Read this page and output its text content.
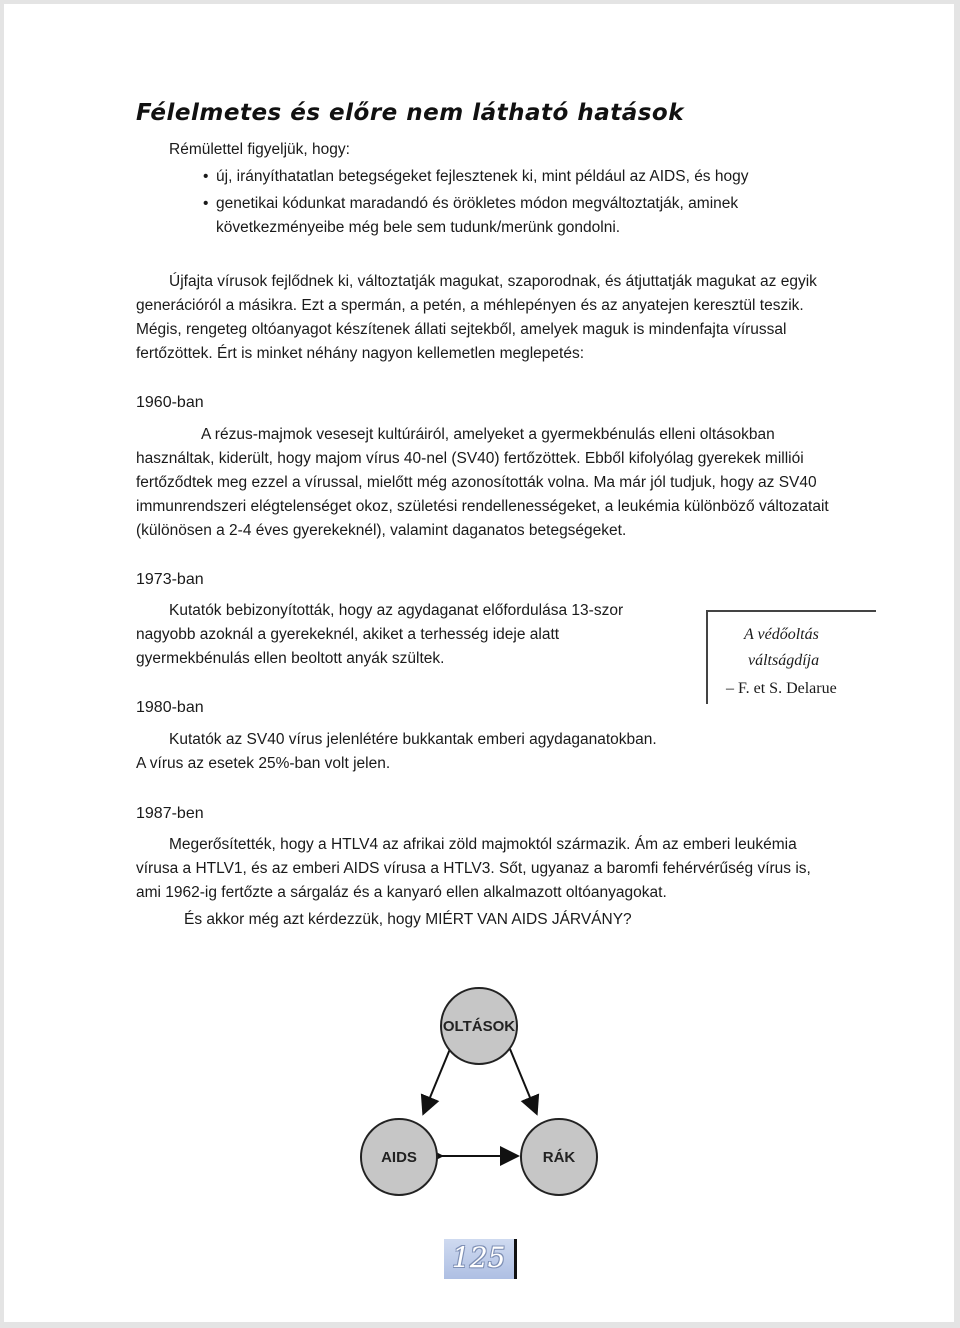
Félelmetes és előre nem látható hatások
Rémülettel figyeljük, hogy:
• új, irányíthatatlan betegségeket fejlesztenek ki, mint például az AIDS, és hogy
• genetikai kódunkat maradandó és örökletes módon megváltoztatják, aminek
következményeibe még bele sem tudunk/merünk gondolni.
Újfajta vírusok fejlődnek ki, változtatják magukat, szaporodnak, és átjuttatják magukat az egyik
generációról a másikra. Ezt a spermán, a petén, a méhlepényen és az anyatejen keresztül teszik.
Mégis, rengeteg oltóanyagot készítenek állati sejtekből, amelyek maguk is mindenfajta vírussal
fertőzöttek. Ért is minket néhány nagyon kellemetlen meglepetés:
1960-ban
A rézus-majmok vesesejt kultúráiról, amelyeket a gyermekbénulás elleni oltásokban
használtak, kiderült, hogy majom vírus 40-nel (SV40) fertőzöttek. Ebből kifolyólag gyerekek milliói
fertőződtek meg ezzel a vírussal, mielőtt még azonosították volna. Ma már jól tudjuk, hogy az SV40
immunrendszeri elégtelenséget okoz, születési rendellenességeket, a leukémia különböző változatait
(különösen a 2-4 éves gyerekeknél), valamint daganatos betegségeket.
1973-ban
Kutatók bebizonyították, hogy az agydaganat előfordulása 13-szor
nagyobb azoknál a gyerekeknél, akiket a terhesség ideje alatt
gyermekbénulás ellen beoltott anyák szültek.
A védőoltás
váltságdíja
– F. et S. Delarue
1980-ban
Kutatók az SV40 vírus jelenlétére bukkantak emberi agydaganatokban.
A vírus az esetek 25%-ban volt jelen.
1987-ben
Megerősítették, hogy a HTLV4 az afrikai zöld majmoktól származik. Ám az emberi leukémia
vírusa a HTLV1, és az emberi AIDS vírusa a HTLV3. Sőt, ugyanaz a baromfi fehérvérűség vírus is,
ami 1962-ig fertőzte a sárgaláz és a kanyaró ellen alkalmazott oltóanyagokat.
És akkor még azt kérdezzük, hogy MIÉRT VAN AIDS JÁRVÁNY?
OLTÁSOK
AIDS	RÁK
125
